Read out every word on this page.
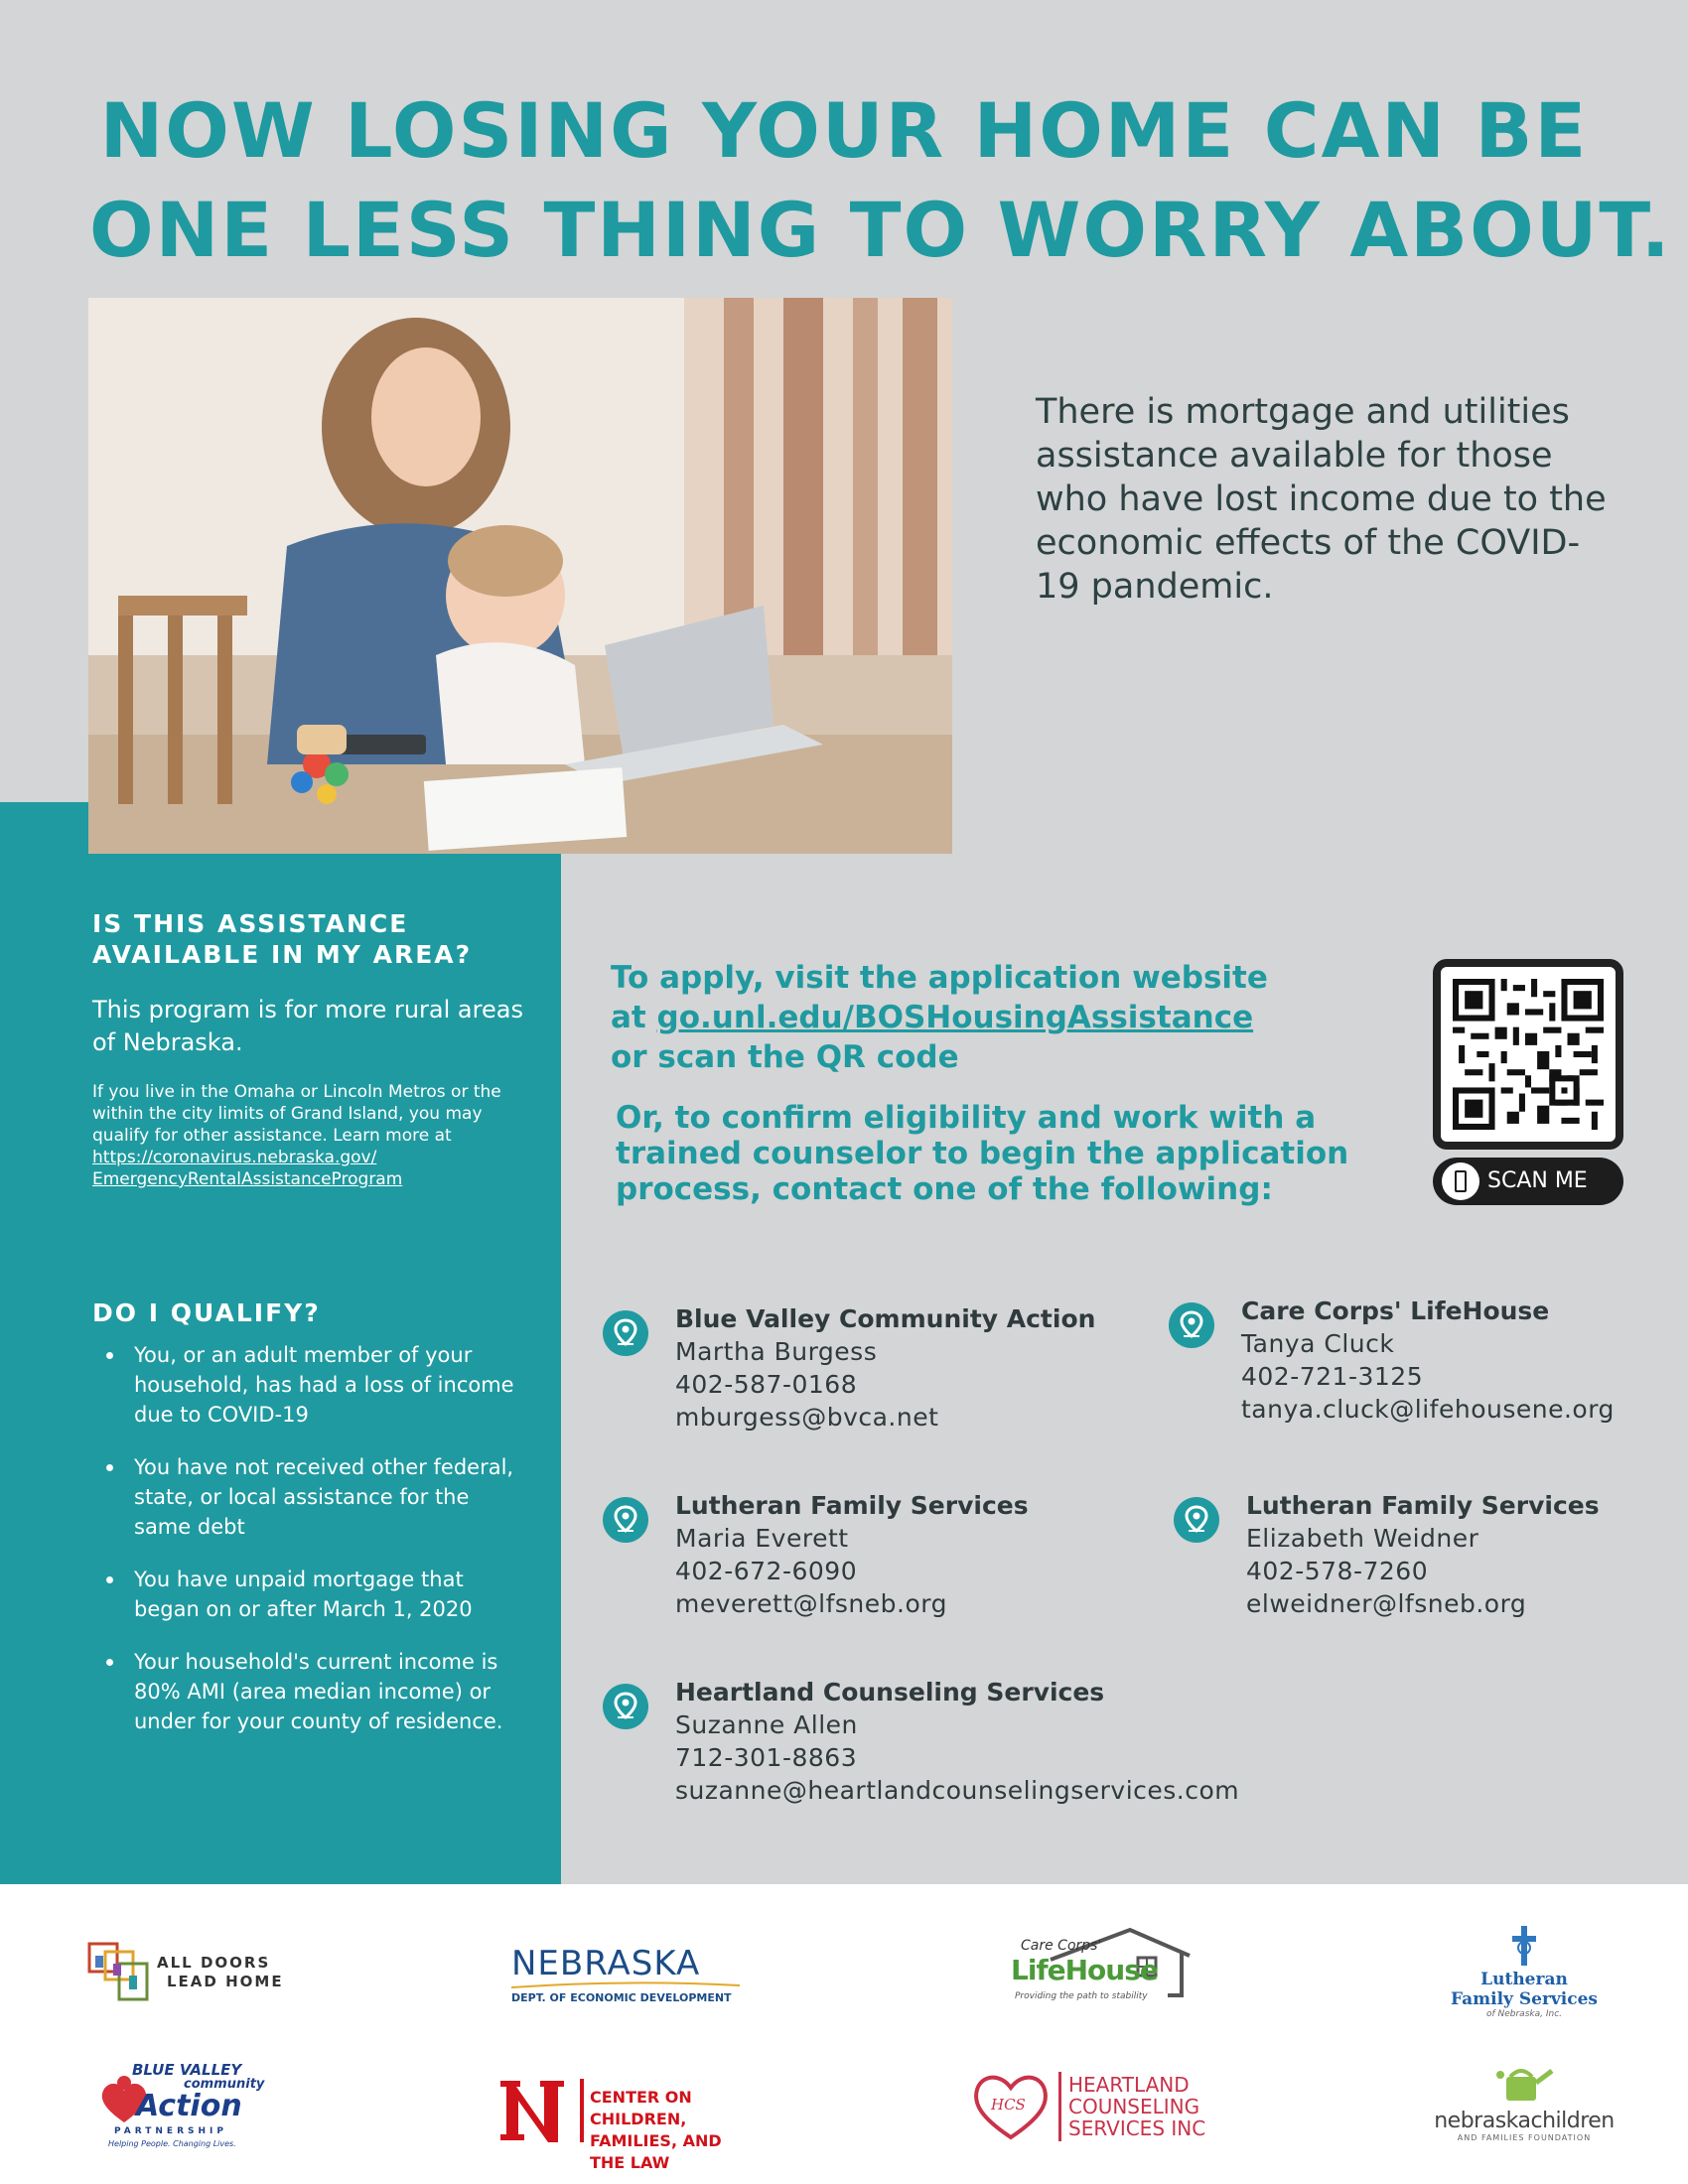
NOW LOSING YOUR HOME CAN BE
ONE LESS THING TO WORRY ABOUT.
There is mortgage and utilities assistance available for those who have lost income due to the economic effects of the COVID-19 pandemic.
IS THIS ASSISTANCE AVAILABLE IN MY AREA?
This program is for more rural areas of Nebraska.
If you live in the Omaha or Lincoln Metros or the within the city limits of Grand Island, you may qualify for other assistance. Learn more at
https://coronavirus.nebraska.gov/
EmergencyRentalAssistanceProgram
DO I QUALIFY?
You, or an adult member of your household, has had a loss of income due to COVID-19
You have not received other federal, state, or local assistance for the same debt
You have unpaid mortgage that began on or after March 1, 2020
Your household's current income is 80% AMI (area median income) or under for your county of residence.
To apply, visit the application website
at go.unl.edu/BOSHousingAssistance
or scan the QR code
Or, to confirm eligibility and work with a
trained counselor to begin the application
process, contact one of the following:	SCAN ME
Blue Valley Community Action
Martha Burgess
402-587-0168
mburgess@bvca.net
Care Corps' LifeHouse
Tanya Cluck
402-721-3125
tanya.cluck@lifehousene.org
Lutheran Family Services
Maria Everett
402-672-6090
meverett@lfsneb.org
Lutheran Family Services
Elizabeth Weidner
402-578-7260
elweidner@lfsneb.org
Heartland Counseling Services
Suzanne Allen
712-301-8863
suzanne@heartlandcounselingservices.com
ALL DOORS
LEAD HOME	NEBRASKA
DEPT. OF ECONOMIC DEVELOPMENT
Care Corps'
LifeHouse
Providing the path to stability
Lutheran
Family Services
of Nebraska, Inc.
BLUE VALLEY
community
Action
PARTNERSHIP
Helping People. Changing Lives.
CENTER ON CHILDREN,
FAMILIES, AND THE LAW
HCS
HEARTLAND
COUNSELING
SERVICES INC	nebraskachildren
AND FAMILIES FOUNDATION
